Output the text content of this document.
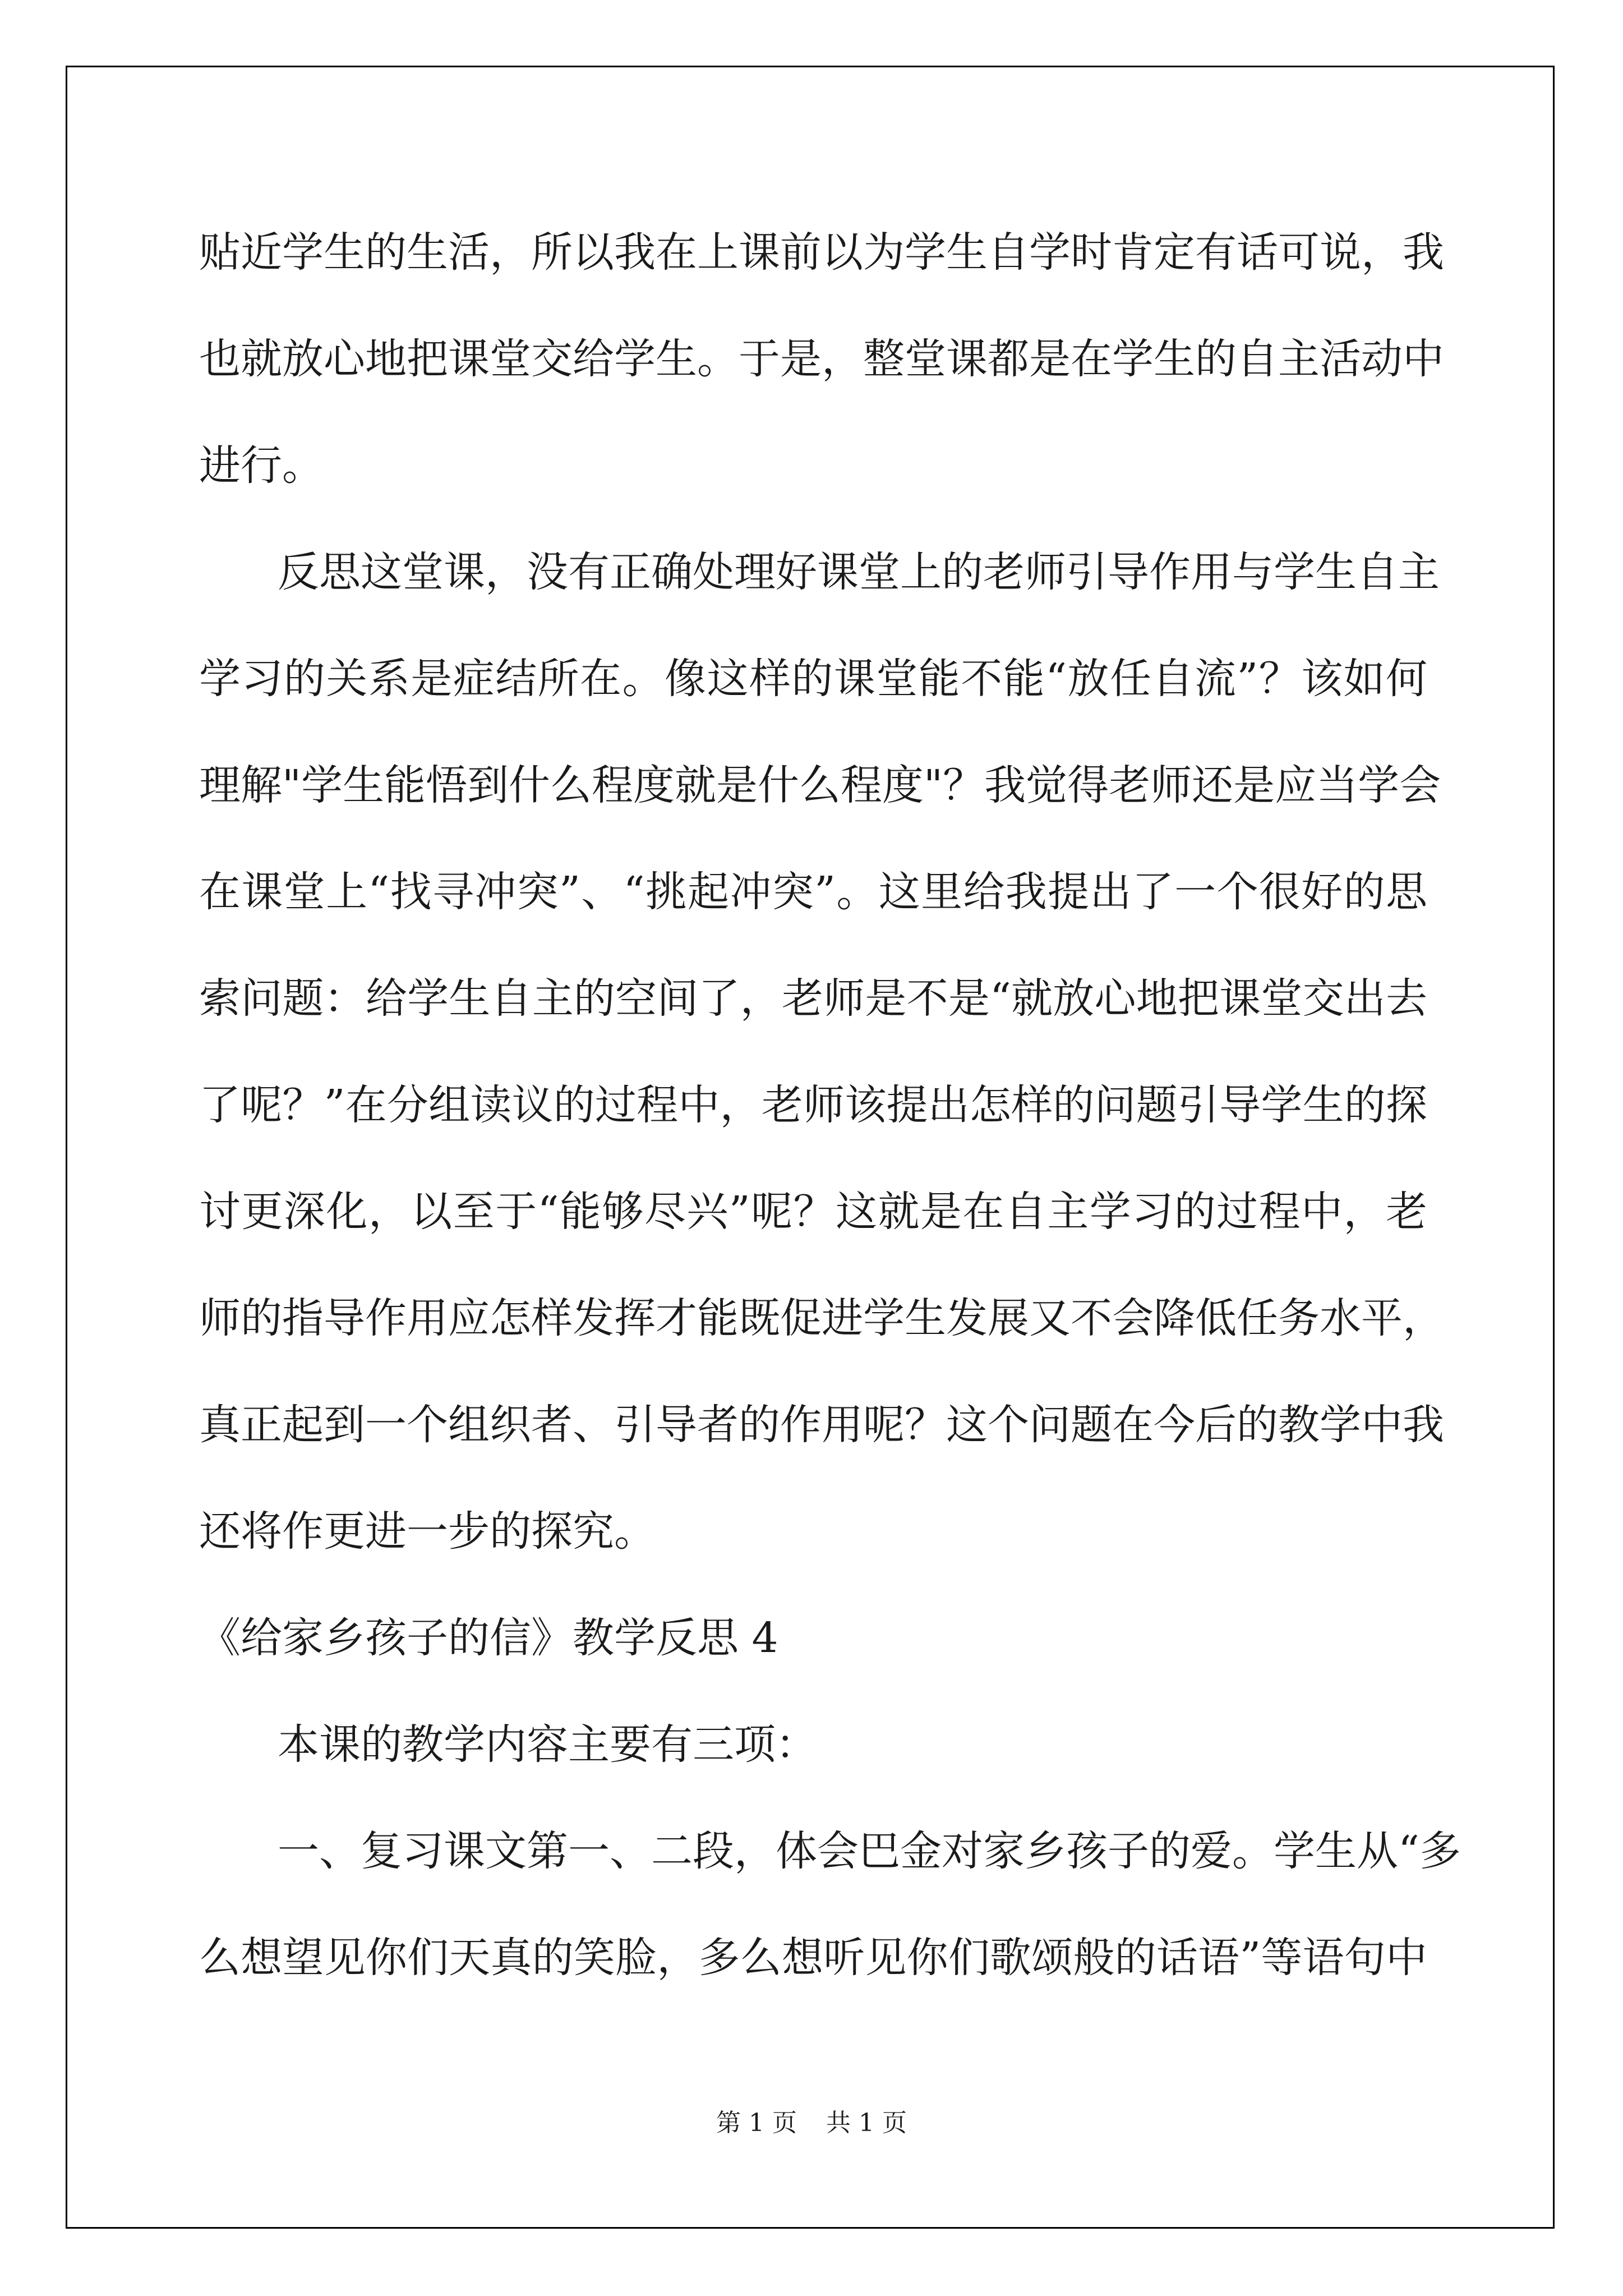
贴近学生的生活，所以我在上课前以为学生自学时肯定有话可说，我

也就放心地把课堂交给学生。于是，整堂课都是在学生的自主活动中

进行。

反思这堂课，没有正确处理好课堂上的老师引导作用与学生自主

学习的关系是症结所在。像这样的课堂能不能“放任自流”？该如何

理解"学生能悟到什么程度就是什么程度"？我觉得老师还是应当学会

在课堂上“找寻冲突”、“挑起冲突”。这里给我提出了一个很好的思

索问题：给学生自主的空间了，老师是不是“就放心地把课堂交出去

了呢？”在分组读议的过程中，老师该提出怎样的问题引导学生的探

讨更深化，以至于“能够尽兴”呢？这就是在自主学习的过程中，老

师的指导作用应怎样发挥才能既促进学生发展又不会降低任务水平，

真正起到一个组织者、引导者的作用呢？这个问题在今后的教学中我

还将作更进一步的探究。

《给家乡孩子的信》教学反思 4

本课的教学内容主要有三项：

一、复习课文第一、二段，体会巴金对家乡孩子的爱。学生从“多

么想望见你们天真的笑脸，多么想听见你们歌颂般的话语”等语句中

第 1 页 共 1 页
